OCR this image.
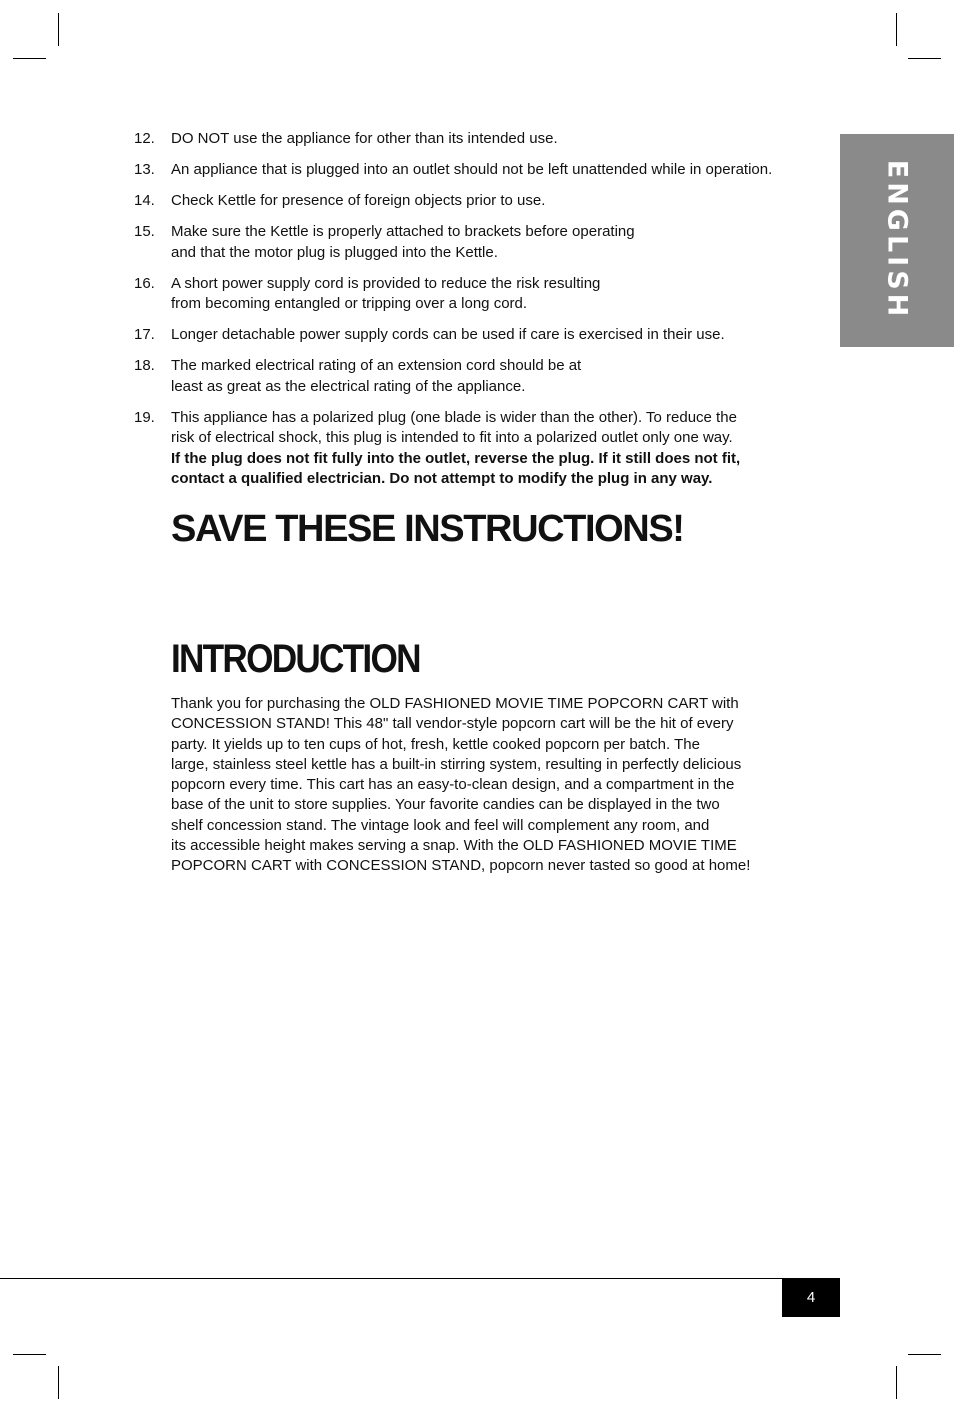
ENGLISH
12.	DO NOT use the appliance for other than its intended use.
13.	An appliance that is plugged into an outlet should not be left unattended while in operation.
14.	Check Kettle for presence of foreign objects prior to use.
15.	Make sure the Kettle is properly attached to brackets before operating
and that the motor plug is plugged into the Kettle.
16.	A short power supply cord is provided to reduce the risk resulting
from becoming entangled or tripping over a long cord.
17.	Longer detachable power supply cords can be used if care is exercised in their use.
18.	The marked electrical rating of an extension cord should be at
least as great as the electrical rating of the appliance.
19.	This appliance has a polarized plug (one blade is wider than the other). To reduce the
risk of electrical shock, this plug is intended to fit into a polarized outlet only one way.
If the plug does not fit fully into the outlet, reverse the plug. If it still does not fit,
contact a qualified electrician. Do not attempt to modify the plug in any way.
SAVE THESE INSTRUCTIONS!
INTRODUCTION

Thank you for purchasing the OLD FASHIONED MOVIE TIME POPCORN CART with
CONCESSION STAND! This 48" tall vendor-style popcorn cart will be the hit of every
party. It yields up to ten cups of hot, fresh, kettle cooked popcorn per batch. The
large, stainless steel kettle has a built-in stirring system, resulting in perfectly delicious
popcorn every time. This cart has an easy-to-clean design, and a compartment in the
base of the unit to store supplies. Your favorite candies can be displayed in the two
shelf concession stand. The vintage look and feel will complement any room, and
its accessible height makes serving a snap. With the OLD FASHIONED MOVIE TIME
POPCORN CART with CONCESSION STAND, popcorn never tasted so good at home!

4
